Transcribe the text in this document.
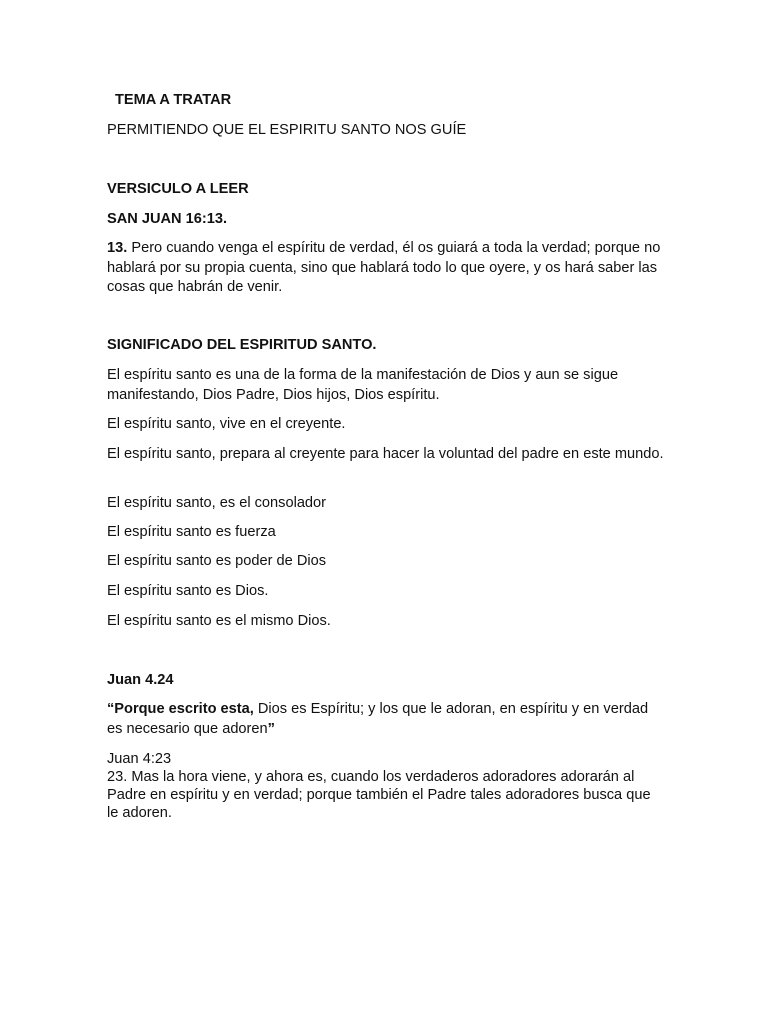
TEMA A TRATAR
PERMITIENDO QUE EL ESPIRITU SANTO NOS GUÍE
VERSICULO A LEER
SAN JUAN 16:13.
13. Pero cuando venga el espíritu de verdad, él os guiará a toda la verdad; porque no hablará por su propia cuenta, sino que hablará todo lo que oyere, y os hará saber las cosas que habrán de venir.
SIGNIFICADO DEL ESPIRITUD SANTO.
El espíritu santo es una de la forma de la manifestación de Dios y aun se sigue manifestando, Dios Padre, Dios hijos, Dios espíritu.
El espíritu santo, vive en el creyente.
El espíritu santo, prepara al creyente para hacer la voluntad del padre en este mundo.
El espíritu santo, es el consolador
El espíritu santo es fuerza
El espíritu santo es poder de Dios
El espíritu santo es Dios.
El espíritu santo es el mismo Dios.
Juan 4.24
“Porque escrito esta, Dios es Espíritu; y los que le adoran, en espíritu y en verdad es necesario que adoren”
Juan 4:23
23. Mas la hora viene, y ahora es, cuando los verdaderos adoradores adorarán al Padre en espíritu y en verdad; porque también el Padre tales adoradores busca que le adoren.
